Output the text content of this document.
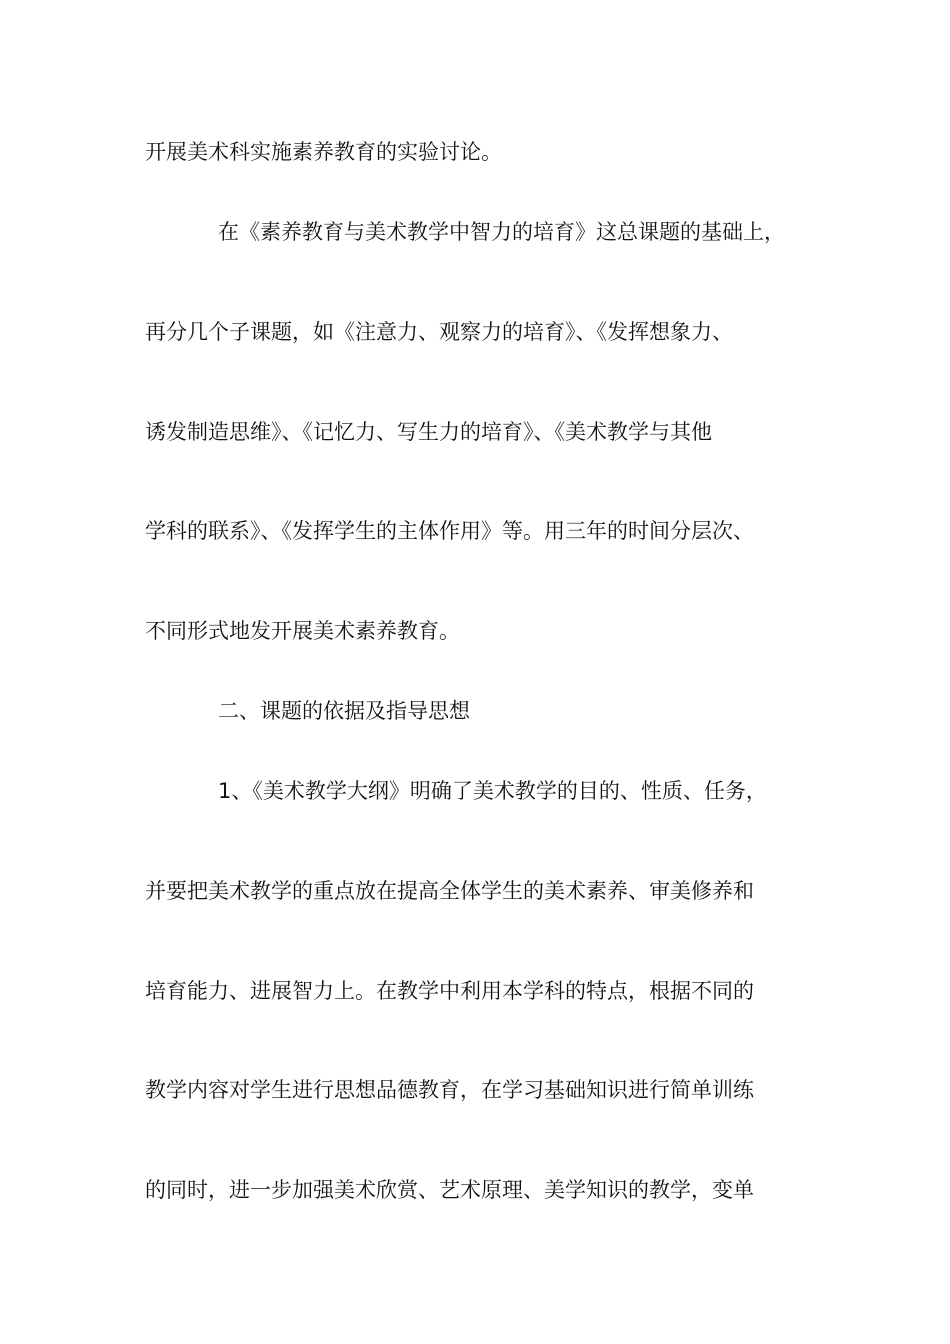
开展美术科实施素养教育的实验讨论。

在《素养教育与美术教学中智力的培育》这总课题的基础上，

再分几个子课题，如《注意力、观察力的培育》、《发挥想象力、

诱发制造思维》、《记忆力、写生力的培育》、《美术教学与其他

学科的联系》、《发挥学生的主体作用》等。用三年的时间分层次、

不同形式地发开展美术素养教育。

二、课题的依据及指导思想

1、《美术教学大纲》明确了美术教学的目的、性质、任务，

并要把美术教学的重点放在提高全体学生的美术素养、审美修养和

培育能力、进展智力上。在教学中利用本学科的特点，根据不同的

教学内容对学生进行思想品德教育，在学习基础知识进行简单训练

的同时，进一步加强美术欣赏、艺术原理、美学知识的教学，变单
